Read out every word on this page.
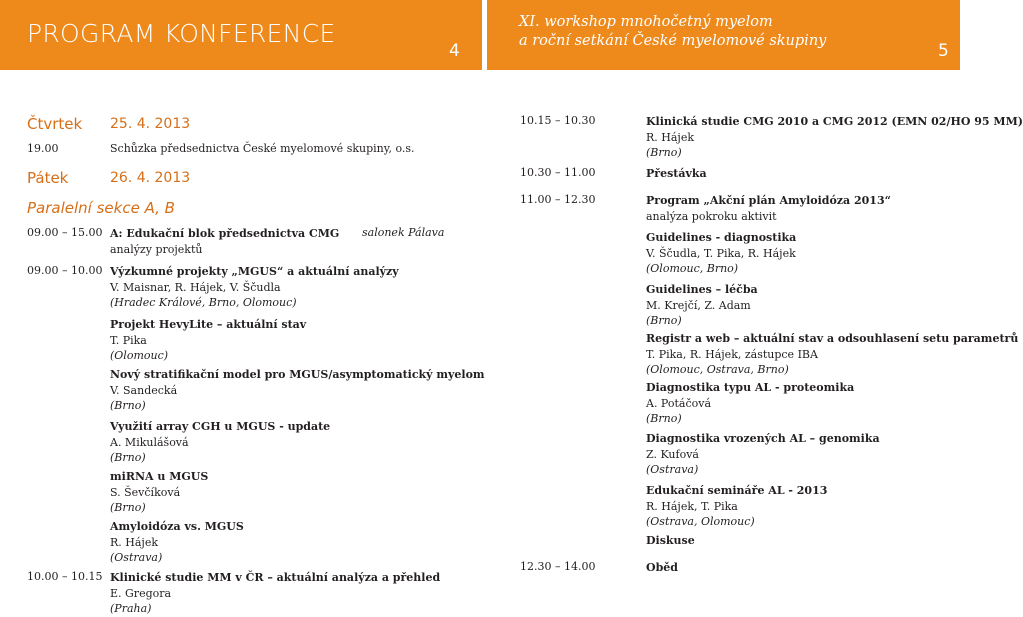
PROGRAM KONFERENCE
4
XI. workshop mnohočetný myelom
a roční setkání České myelomové skupiny	5
Čtvrtek 25. 4. 2013
19.00	Schůzka předsednictva České myelomové skupiny, o.s.
Pátek	26. 4. 2013
Paralelní sekce A, B
09.00 – 15.00 A: Edukační blok předsednictva CMG
analýzy projektů
salonek Pálava
09.00 – 10.00 Výzkumné projekty „MGUS“ a aktuální analýzy
V. Maisnar, R. Hájek, V. Ščudla
(Hradec Králové, Brno, Olomouc)
Projekt HevyLite – aktuální stav
T. Pika
(Olomouc)
Nový stratifikační model pro MGUS/asymptomatický myelom
V. Sandecká
(Brno)
Využití array CGH u MGUS - update
A. Mikulášová
(Brno)
miRNA u MGUS
S. Ševčíková
(Brno)
Amyloidóza vs. MGUS
R. Hájek
(Ostrava)
10.00 – 10.15 Klinické studie MM v ČR – aktuální analýza a přehled
E. Gregora
(Praha)
10.15 – 10.30	Klinická studie CMG 2010 a CMG 2012 (EMN 02/HO 95 MM)
R. Hájek
(Brno)
10.30 – 11.00	Přestávka
11.00 – 12.30	Program „Akční plán Amyloidóza 2013“
analýza pokroku aktivit
Guidelines - diagnostika
V. Ščudla, T. Pika, R. Hájek
(Olomouc, Brno)
Guidelines – léčba
M. Krejčí, Z. Adam
(Brno)
Registr a web – aktuální stav a odsouhlasení setu parametrů
T. Pika, R. Hájek, zástupce IBA
(Olomouc, Ostrava, Brno)
Diagnostika typu AL - proteomika
A. Potáčová
(Brno)
Diagnostika vrozených AL – genomika
Z. Kufová
(Ostrava)
Edukační semináře AL - 2013
R. Hájek, T. Pika
(Ostrava, Olomouc)
Diskuse
12.30 – 14.00	Oběd
